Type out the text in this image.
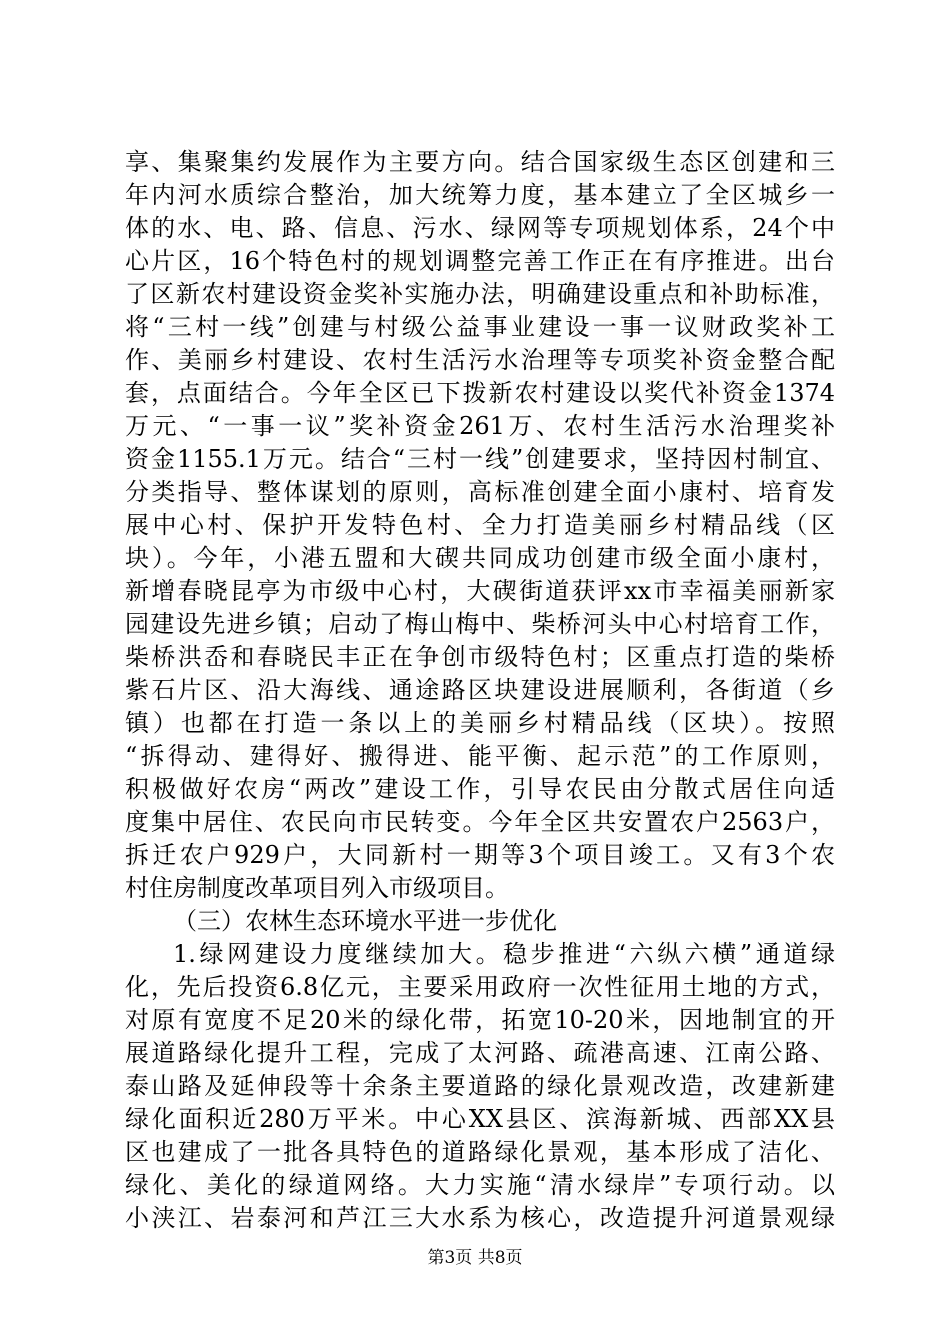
享、集聚集约发展作为主要方向。结合国家级生态区创建和三
年内河水质综合整治，加大统筹力度，基本建立了全区城乡一
体的水、电、路、信息、污水、绿网等专项规划体系，24个中
心片区，16个特色村的规划调整完善工作正在有序推进。出台
了区新农村建设资金奖补实施办法，明确建设重点和补助标准，
将“三村一线”创建与村级公益事业建设一事一议财政奖补工
作、美丽乡村建设、农村生活污水治理等专项奖补资金整合配
套，点面结合。今年全区已下拨新农村建设以奖代补资金1374
万元、“一事一议”奖补资金261万、农村生活污水治理奖补
资金1155.1万元。结合“三村一线”创建要求，坚持因村制宜、
分类指导、整体谋划的原则，高标准创建全面小康村、培育发
展中心村、保护开发特色村、全力打造美丽乡村精品线（区
块）。今年，小港五盟和大碶共同成功创建市级全面小康村，
新增春晓昆亭为市级中心村，大碶街道获评xx市幸福美丽新家
园建设先进乡镇；启动了梅山梅中、柴桥河头中心村培育工作，
柴桥洪岙和春晓民丰正在争创市级特色村；区重点打造的柴桥
紫石片区、沿大海线、通途路区块建设进展顺利，各街道（乡
镇）也都在打造一条以上的美丽乡村精品线（区块）。按照
“拆得动、建得好、搬得进、能平衡、起示范”的工作原则，
积极做好农房“两改”建设工作，引导农民由分散式居住向适
度集中居住、农民向市民转变。今年全区共安置农户2563户，
拆迁农户929户，大同新村一期等3个项目竣工。又有3个农
村住房制度改革项目列入市级项目。
（三）农林生态环境水平进一步优化
1.绿网建设力度继续加大。稳步推进“六纵六横”通道绿
化，先后投资6.8亿元，主要采用政府一次性征用土地的方式，
对原有宽度不足20米的绿化带，拓宽10-20米，因地制宜的开
展道路绿化提升工程，完成了太河路、疏港高速、江南公路、
泰山路及延伸段等十余条主要道路的绿化景观改造，改建新建
绿化面积近280万平米。中心XX县区、滨海新城、西部XX县
区也建成了一批各具特色的道路绿化景观，基本形成了洁化、
绿化、美化的绿道网络。大力实施“清水绿岸”专项行动。以
小浃江、岩泰河和芦江三大水系为核心，改造提升河道景观绿
第3页 共8页
